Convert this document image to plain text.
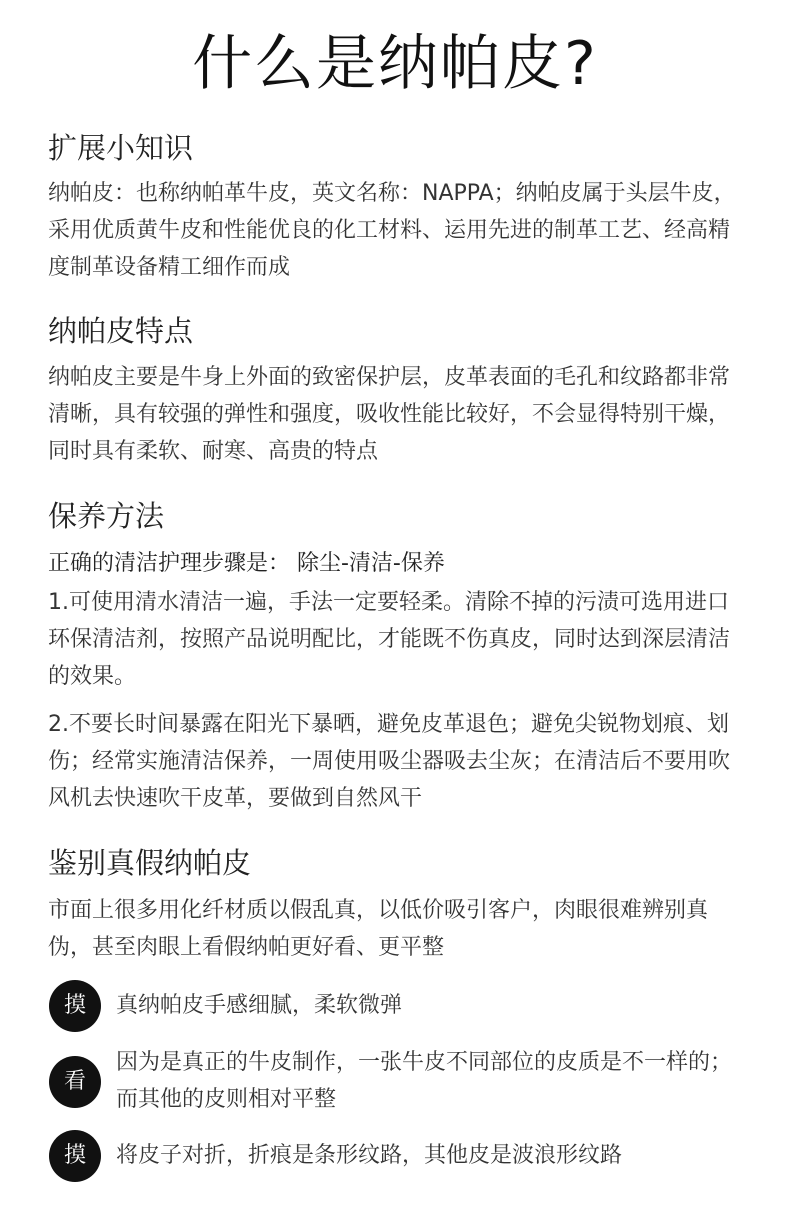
什么是纳帕皮?
扩展小知识

纳帕皮：也称纳帕革牛皮，英文名称：NAPPA；纳帕皮属于头层牛皮，采用优质黄牛皮和性能优良的化工材料、运用先进的制革工艺、经高精度制革设备精工细作而成

纳帕皮特点

纳帕皮主要是牛身上外面的致密保护层，皮革表面的毛孔和纹路都非常清晰，具有较强的弹性和强度，吸收性能比较好，不会显得特别干燥，同时具有柔软、耐寒、高贵的特点

保养方法
正确的清洁护理步骤是： 除尘-清洁-保养

1.可使用清水清洁一遍，手法一定要轻柔。清除不掉的污渍可选用进口环保清洁剂，按照产品说明配比，才能既不伤真皮，同时达到深层清洁的效果。

2.不要长时间暴露在阳光下暴晒，避免皮革退色；避免尖锐物划痕、划伤；经常实施清洁保养，一周使用吸尘器吸去尘灰；在清洁后不要用吹风机去快速吹干皮革，要做到自然风干

鉴别真假纳帕皮

市面上很多用化纤材质以假乱真，以低价吸引客户，肉眼很难辨别真伪，甚至肉眼上看假纳帕更好看、更平整

摸	真纳帕皮手感细腻，柔软微弹

看

因为是真正的牛皮制作，一张牛皮不同部位的皮质是不一样的；而其他的皮则相对平整

摸	将皮子对折，折痕是条形纹路，其他皮是波浪形纹路
